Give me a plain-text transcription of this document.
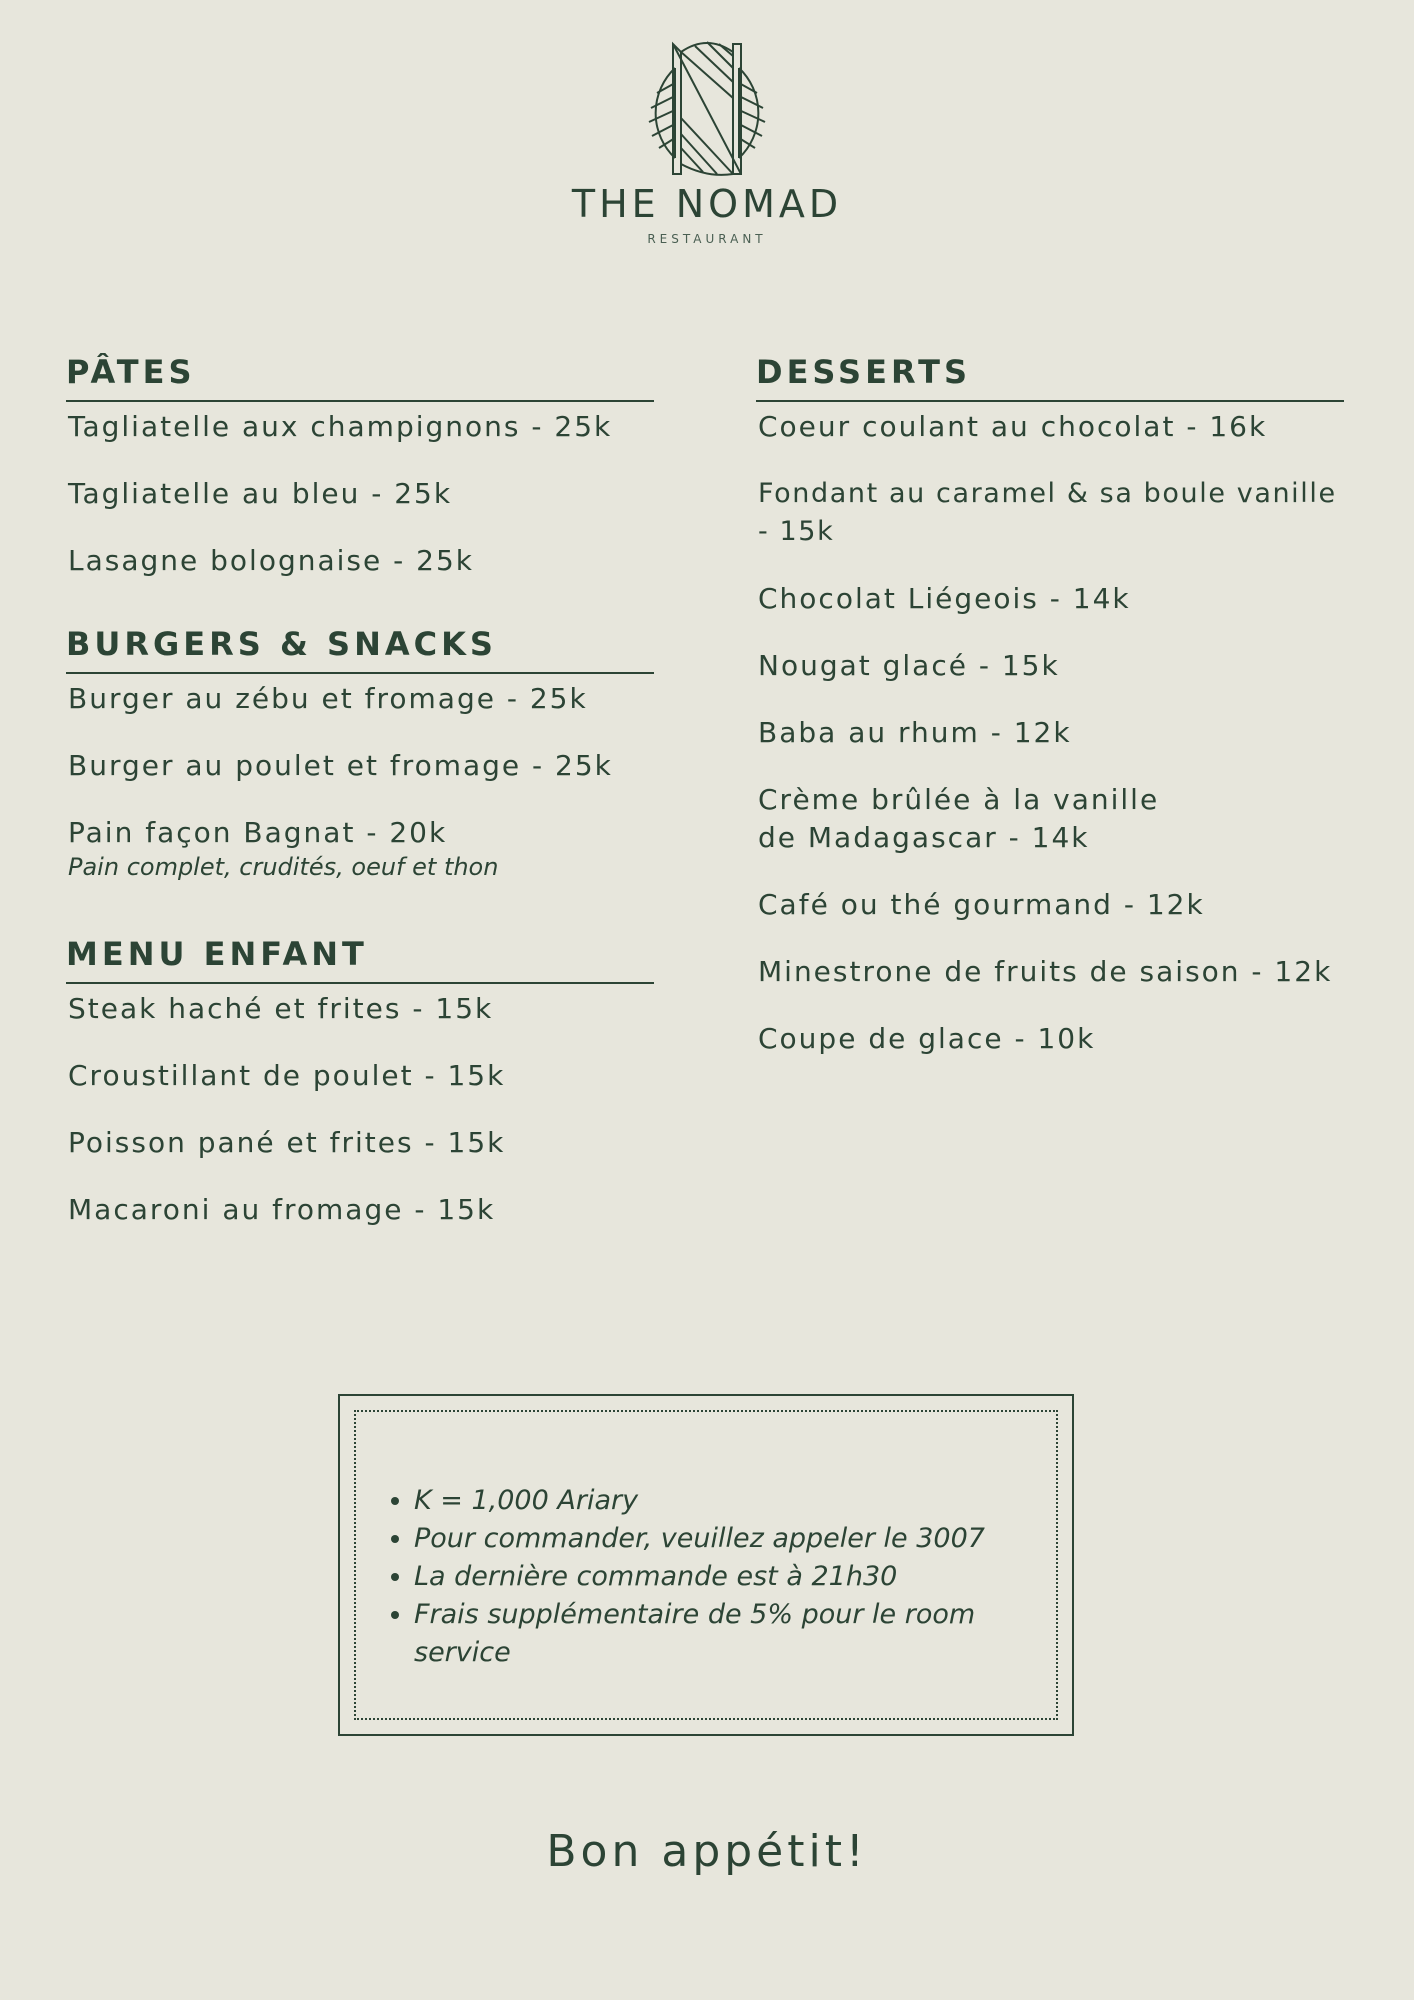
THE NOMAD
RESTAURANT
PÂTES
Tagliatelle aux champignons - 25k
Tagliatelle au bleu - 25k
Lasagne bolognaise - 25k
BURGERS & SNACKS
Burger au zébu et fromage - 25k
Burger au poulet et fromage - 25k
Pain façon Bagnat - 20k
Pain complet, crudités, oeuf et thon
MENU ENFANT
Steak haché et frites - 15k
Croustillant de poulet - 15k
Poisson pané et frites - 15k
Macaroni au fromage - 15k
DESSERTS
Coeur coulant au chocolat - 16k
Fondant au caramel & sa boule vanille - 15k
Chocolat Liégeois - 14k
Nougat glacé - 15k
Baba au rhum - 12k
Crème brûlée à la vanille de Madagascar - 14k
Café ou thé gourmand - 12k
Minestrone de fruits de saison - 12k
Coupe de glace - 10k
• K = 1,000 Ariary
• Pour commander, veuillez appeler le 3007
• La dernière commande est à 21h30
• Frais supplémentaire de 5% pour le room service
Bon appétit!
